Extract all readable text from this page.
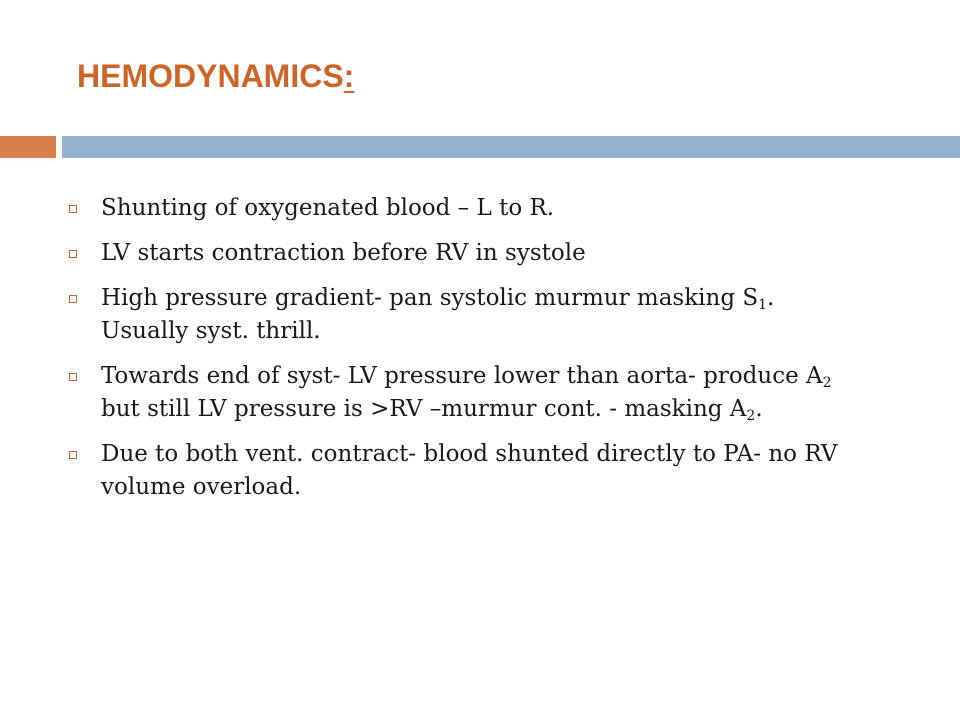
HEMODYNAMICS:
Shunting of oxygenated blood – L to R.
LV starts contraction before RV in systole
High pressure gradient- pan systolic murmur masking $S_1$. Usually syst. thrill.
Towards end of syst- LV pressure lower than aorta- produce $A_2$ but still LV pressure is >RV –murmur cont. - masking $A_2$.
Due to both vent. contract- blood shunted directly to PA- no RV volume overload.
